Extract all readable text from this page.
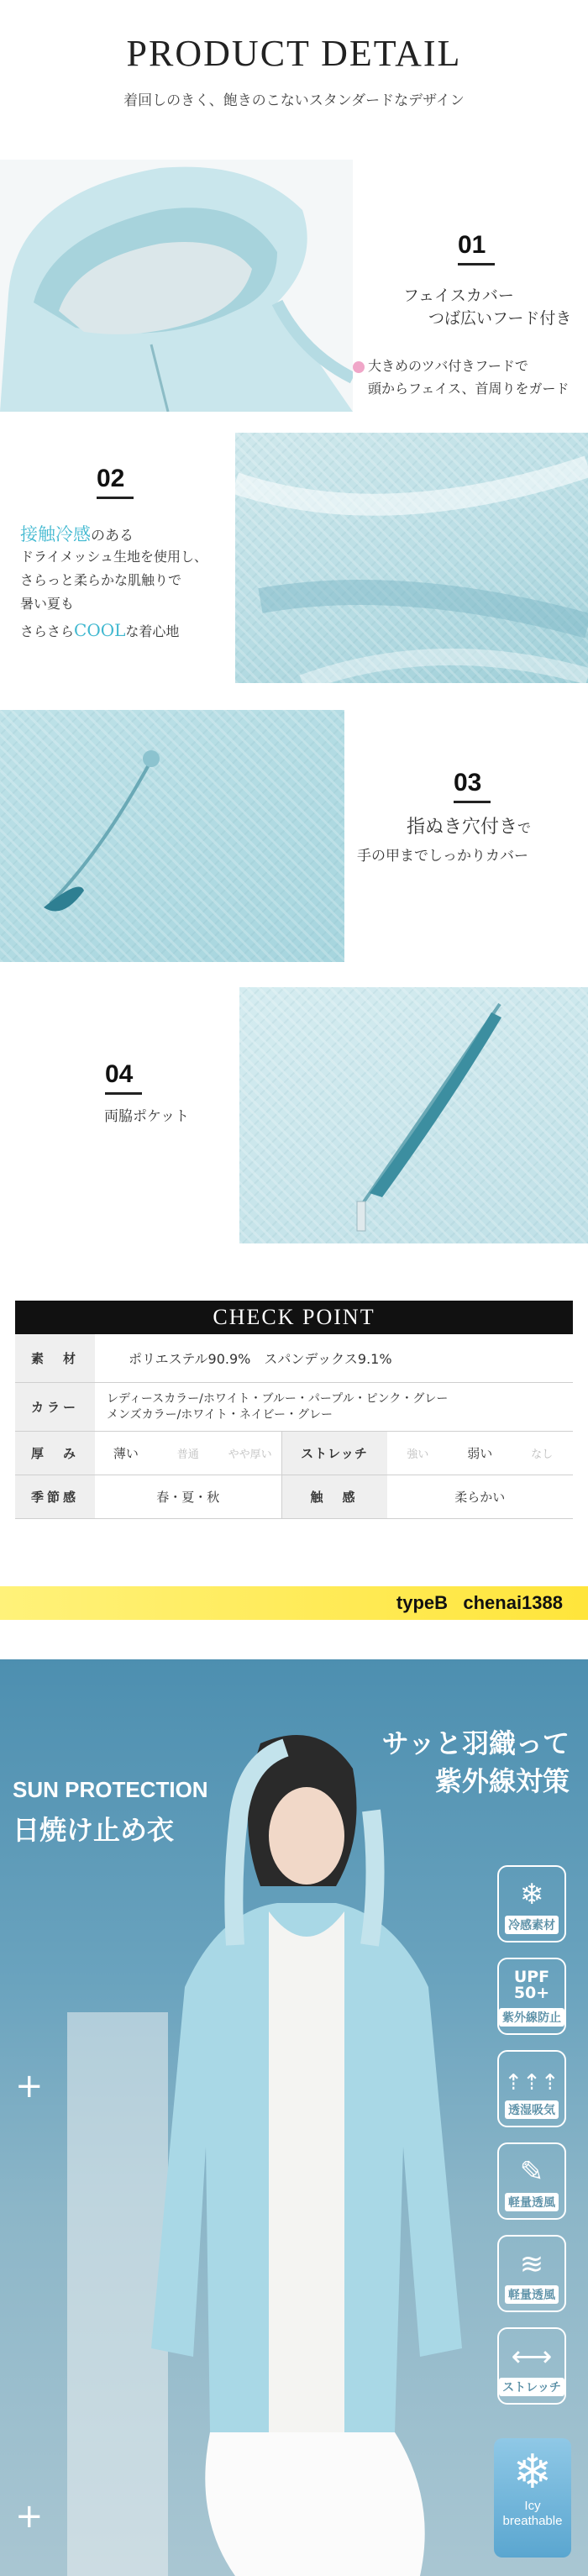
PRODUCT DETAIL

着回しのきく、飽きのこないスタンダードなデザイン

01
フェイスカバー
つば広いフード付き
大きめのツバ付きフードで
頭からフェイス、首周りをガード
02
接触冷感のある
ドライメッシュ生地を使用し、
さらっと柔らかな肌触りで
暑い夏も
さらさらCOOLな着心地
03
指ぬき穴付きで
手の甲までしっかりカバー
04
両脇ポケット
CHECK POINT
素　材	ポリエステル90.9%　スパンデックス9.1%
カラー
レディースカラー/ホワイト・ブルー・パープル・ピンク・グレー
メンズカラー/ホワイト・ネイビー・グレー
厚　み	薄い	普通	やや厚い	ストレッチ	強い	弱い	なし
季節感	春・夏・秋	触　感	柔らかい
typeB chenai1388
+
+
SUN PROTECTION
日焼け止め衣
サッと羽織って
紫外線対策
❄
冷感素材
UPF 50+
紫外線防止
⇡⇡⇡
透湿吸気
✎
軽量透風
≋
軽量透風
⟷
ストレッチ
❄
Icy
breathable
